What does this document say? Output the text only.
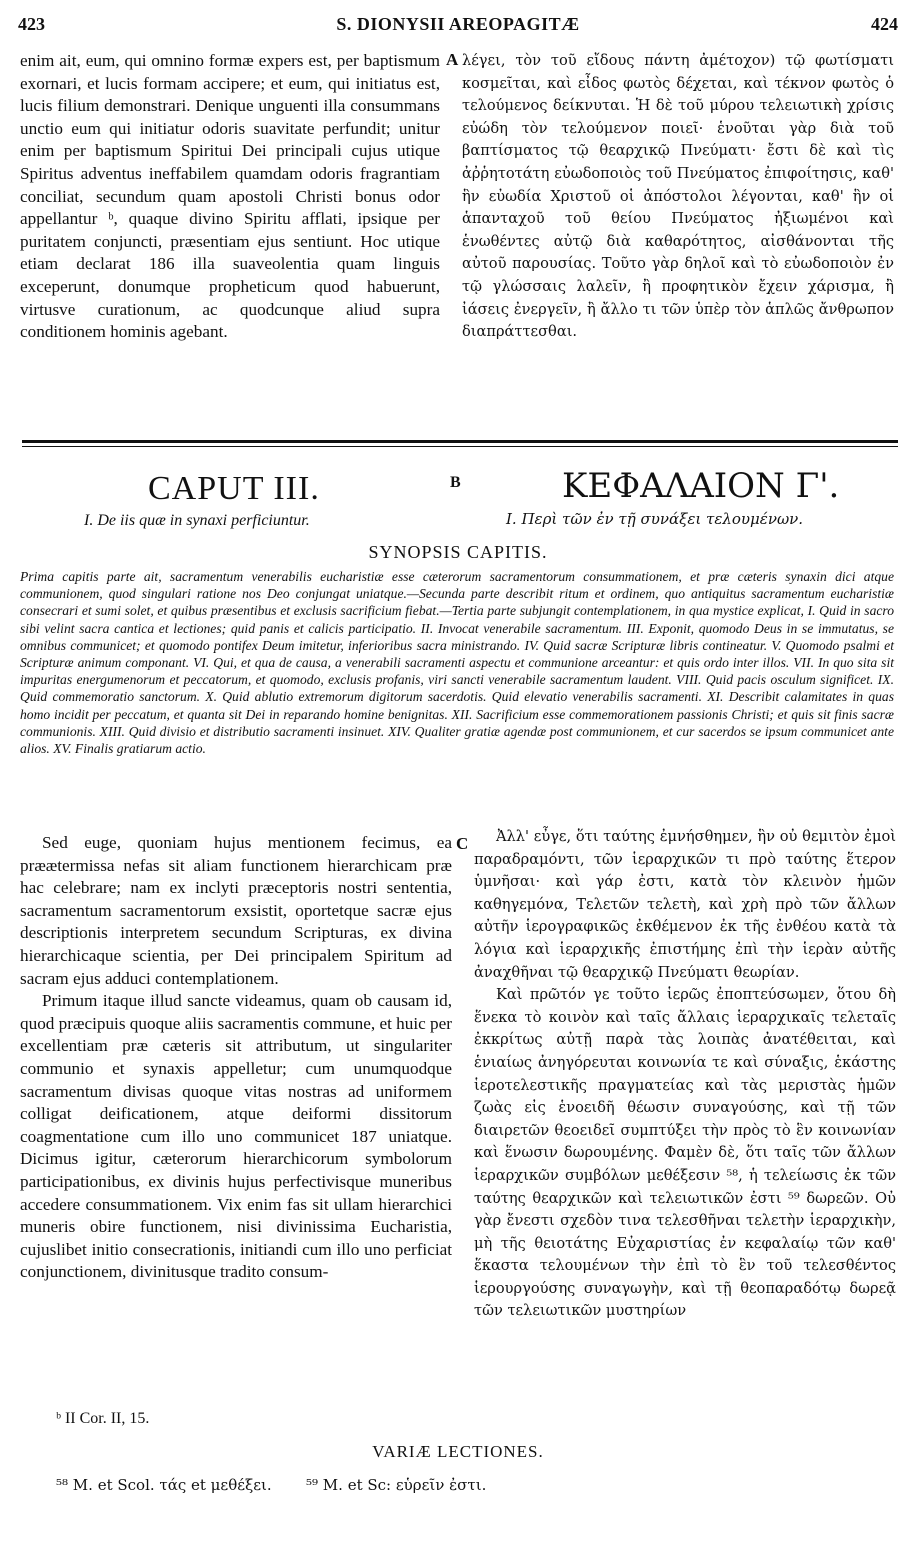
423	S. DIONYSII AREOPAGITÆ	424

enim ait, eum, qui omnino formæ expers est, per baptismum exornari, et lucis formam accipere; et eum, qui initiatus est, lucis filium demonstrari. Denique unguenti illa consummans unctio eum qui initiatur odoris suavitate perfundit; unitur enim per baptismum Spiritui Dei principali cujus utique Spiritus adventus ineffabilem quamdam odoris fragrantiam conciliat, secundum quam apostoli Christi bonus odor appellantur ᵇ, quaque divino Spiritu afflati, ipsique per puritatem conjuncti, præsentiam ejus sentiunt. Hoc utique etiam declarat 186 illa suaveolentia quam linguis exceperunt, donumque propheticum quod habuerunt, virtusve curationum, ac quodcunque aliud supra conditionem hominis agebant.

A λέγει, τὸν τοῦ εἴδους πάντη ἀμέτοχον) τῷ φωτίσματι κοσμεῖται, καὶ εἶδος φωτὸς δέχεται, καὶ τέκνον φωτὸς ὁ τελούμενος δείκνυται. Ἡ δὲ τοῦ μύρου τελειωτικὴ χρίσις εὐώδη τὸν τελούμενον ποιεῖ· ἑνοῦται γὰρ διὰ τοῦ βαπτίσματος τῷ θεαρχικῷ Πνεύματι· ἔστι δὲ καὶ τὶς ἀῤῥητοτάτη εὐωδοποιὸς τοῦ Πνεύματος ἐπιφοίτησις, καθ' ἣν εὐωδία Χριστοῦ οἱ ἀπόστολοι λέγονται, καθ' ἣν οἱ ἁπανταχοῦ τοῦ θείου Πνεύματος ἠξιωμένοι καὶ ἑνωθέντες αὐτῷ διὰ καθαρότητος, αἰσθάνονται τῆς αὐτοῦ παρουσίας. Τοῦτο γὰρ δηλοῖ καὶ τὸ εὐωδοποιὸν ἐν τῷ γλώσσαις λαλεῖν, ἢ προφητικὸν ἔχειν χάρισμα, ἢ ἰάσεις ἐνεργεῖν, ἢ ἄλλο τι τῶν ὑπὲρ τὸν ἁπλῶς ἄνθρωπον διαπράττεσθαι.

CAPUT III.	B	ΚΕΦΑΛΑΙΟΝ Γ'.
I. De iis quæ in synaxi perficiuntur.	Ι. Περὶ τῶν ἐν τῇ συνάξει τελουμένων.
SYNOPSIS CAPITIS.
Prima capitis parte ait, sacramentum venerabilis eucharistiæ esse cæterorum sacramentorum consummationem, et præ cæteris synaxin dici atque communionem, quod singulari ratione nos Deo conjungat uniatque.—Secunda parte describit ritum et ordinem, quo antiquitus sacramentum eucharistiæ consecrari et sumi solet, et quibus præsentibus et exclusis sacrificium fiebat.—Tertia parte subjungit contemplationem, in qua mystice explicat, I. Quid in sacro sibi velint sacra cantica et lectiones; quid panis et calicis participatio. II. Invocat venerabile sacramentum. III. Exponit, quomodo Deus in se immutatus, se omnibus communicet; et quomodo pontifex Deum imitetur, inferioribus sacra ministrando. IV. Quid sacræ Scripturæ libris contineatur. V. Quomodo psalmi et Scripturæ animum componant. VI. Qui, et qua de causa, a venerabili sacramenti aspectu et communione arceantur: et quis ordo inter illos. VII. In quo sita sit impuritas energumenorum et peccatorum, et quomodo, exclusis profanis, viri sancti venerabile sacramentum laudent. VIII. Quid pacis osculum significet. IX. Quid commemoratio sanctorum. X. Quid ablutio extremorum digitorum sacerdotis. Quid elevatio venerabilis sacramenti. XI. Describit calamitates in quas homo incidit per peccatum, et quanta sit Dei in reparando homine benignitas. XII. Sacrificium esse commemorationem passionis Christi; et quis sit finis sacræ communionis. XIII. Quid divisio et distributio sacramenti insinuet. XIV. Qualiter gratiæ agendæ post communionem, et cur sacerdos se ipsum communicet ante alios. XV. Finalis gratiarum actio.

Sed euge, quoniam hujus mentionem fecimus, ea præætermissa nefas sit aliam functionem hierarchicam præ hac celebrare; nam ex inclyti præceptoris nostri sententia, sacramentum sacramentorum exsistit, oportetque sacræ ejus descriptionis interpretem secundum Scripturas, ex divina hierarchicaque scientia, per Dei principalem Spiritum ad sacram ejus adduci contemplationem.

Primum itaque illud sancte videamus, quam ob causam id, quod præcipuis quoque aliis sacramentis commune, et huic per excellentiam præ cæteris sit attributum, ut singulariter communio et synaxis appelletur; cum unumquodque sacramentum divisas quoque vitas nostras ad uniformem colligat deificationem, atque deiformi dissitorum coagmentatione cum illo uno communicet 187 uniatque. Dicimus igitur, cæterorum hierarchicorum symbolorum participationibus, ex divinis hujus perfectivisque muneribus accedere consummationem. Vix enim fas sit ullam hierarchici muneris obire functionem, nisi divinissima Eucharistia, cujuslibet initio consecrationis, initiandi cum illo uno perficiat conjunctionem, divinitusque tradito consum-

C	Ἀλλ' εὖγε, ὅτι ταύτης ἐμνήσθημεν, ἣν οὐ θεμιτὸν ἐμοὶ παραδραμόντι, τῶν ἱεραρχικῶν τι πρὸ ταύτης ἕτερον ὑμνῆσαι· καὶ γάρ ἐστι, κατὰ τὸν κλεινὸν ἡμῶν καθηγεμόνα, Τελετῶν τελετὴ, καὶ χρὴ πρὸ τῶν ἄλλων αὐτῆν ἱερογραφικῶς ἐκθέμενον ἐκ τῆς ἐνθέου κατὰ τὰ λόγια καὶ ἱεραρχικῆς ἐπιστήμης ἐπὶ τὴν ἱερὰν αὐτῆς ἀναχθῆναι τῷ θεαρχικῷ Πνεύματι θεωρίαν.

Καὶ πρῶτόν γε τοῦτο ἱερῶς ἐποπτεύσωμεν, ὅτου δὴ ἕνεκα τὸ κοινὸν καὶ ταῖς ἄλλαις ἱεραρχικαῖς τελεταῖς ἐκκρίτως αὐτῇ παρὰ τὰς λοιπὰς ἀνατέθειται, καὶ ἑνιαίως ἀνηγόρευται κοινωνία τε καὶ σύναξις, ἑκάστης ἱεροτελεστικῆς πραγματείας καὶ τὰς μεριστὰς ἡμῶν ζωὰς εἰς ἑνοειδῆ θέωσιν συναγούσης, καὶ τῇ τῶν διαιρετῶν θεοειδεῖ συμπτύξει τὴν πρὸς τὸ ἓν κοινωνίαν καὶ ἕνωσιν δωρουμένης. Φαμὲν δὲ, ὅτι ταῖς τῶν ἄλλων ἱεραρχικῶν συμβόλων μεθέξεσιν ⁵⁸, ἡ τελείωσις ἐκ τῶν ταύτης θεαρχικῶν καὶ τελειωτικῶν ἐστι ⁵⁹ δωρεῶν. Οὐ γὰρ ἔνεστι σχεδὸν τινα τελεσθῆναι τελετὴν ἱεραρχικὴν, μὴ τῆς θειοτάτης Εὐχαριστίας ἐν κεφαλαίῳ τῶν καθ' ἕκαστα τελουμένων τὴν ἐπὶ τὸ ἓν τοῦ τελεσθέντος ἱερουργούσης συναγωγὴν, καὶ τῇ θεοπαραδότῳ δωρεᾷ τῶν τελειωτικῶν μυστηρίων

ᵇ II Cor. II, 15.
VARIÆ LECTIONES.
⁵⁸ M. et Scol. τάς et μεθέξει. ⁵⁹ M. et Sc: εὑρεῖν ἐστι.
